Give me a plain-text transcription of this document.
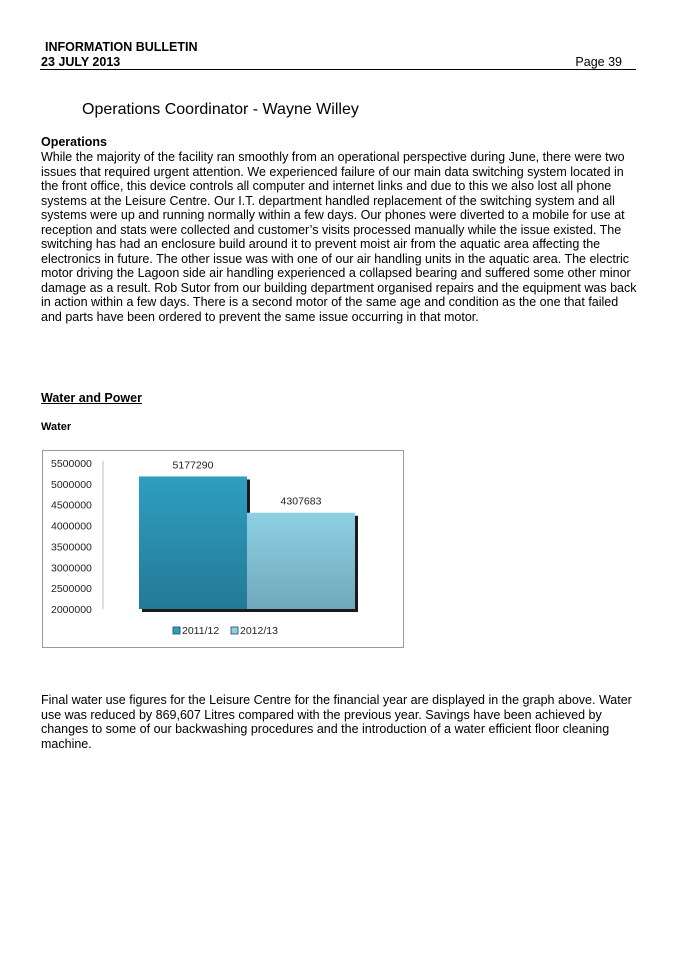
INFORMATION BULLETIN
23 JULY 2013	Page 39
Operations Coordinator - Wayne Willey
Operations

While the majority of the facility ran smoothly from an operational perspective during June, there were two issues that required urgent attention. We experienced failure of our main data switching system located in the front office, this device controls all computer and internet links and due to this we also lost all phone systems at the Leisure Centre. Our I.T. department handled replacement of the switching system and all systems were up and running normally within a few days. Our phones were diverted to a mobile for use at reception and stats were collected and customer’s visits processed manually while the issue existed. The switching has had an enclosure build around it to prevent moist air from the aquatic area affecting the electronics in future. The other issue was with one of our air handling units in the aquatic area. The electric motor driving the Lagoon side air handling experienced a collapsed bearing and suffered some other minor damage as a result. Rob Sutor from our building department organised repairs and the equipment was back in action within a few days. There is a second motor of the same age and condition as the one that failed and parts have been ordered to prevent the same issue occurring in that motor.

Water and Power
Water
5500000
5000000
4500000
4000000
3500000
3000000
2500000
2000000
5177290
4307683
2011/12 2012/13

Final water use figures for the Leisure Centre for the financial year are displayed in the graph above. Water use was reduced by 869,607 Litres compared with the previous year. Savings have been achieved by changes to some of our backwashing procedures and the introduction of a water efficient floor cleaning machine.
